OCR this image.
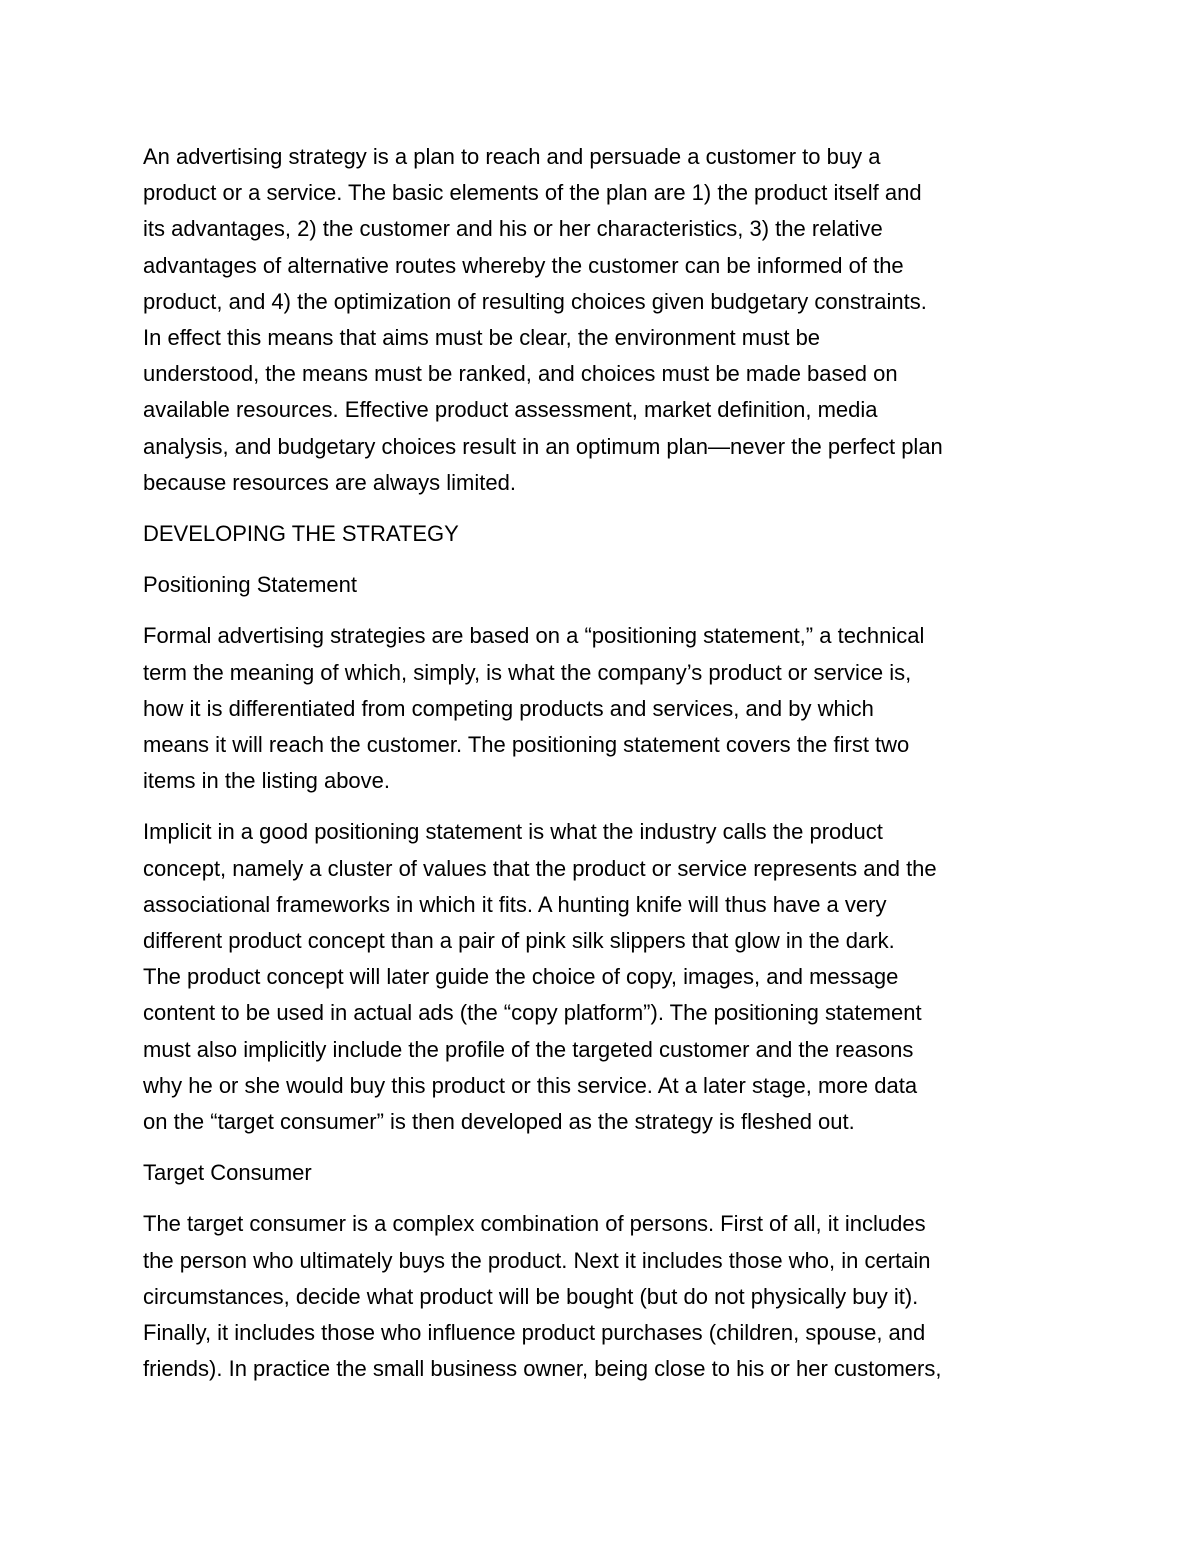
An advertising strategy is a plan to reach and persuade a customer to buy a
product or a service. The basic elements of the plan are 1) the product itself and
its advantages, 2) the customer and his or her characteristics, 3) the relative
advantages of alternative routes whereby the customer can be informed of the
product, and 4) the optimization of resulting choices given budgetary constraints.
In effect this means that aims must be clear, the environment must be
understood, the means must be ranked, and choices must be made based on
available resources. Effective product assessment, market definition, media
analysis, and budgetary choices result in an optimum plan—never the perfect plan
because resources are always limited.

DEVELOPING THE STRATEGY

Positioning Statement

Formal advertising strategies are based on a “positioning statement,” a technical
term the meaning of which, simply, is what the company’s product or service is,
how it is differentiated from competing products and services, and by which
means it will reach the customer. The positioning statement covers the first two
items in the listing above.

Implicit in a good positioning statement is what the industry calls the product
concept, namely a cluster of values that the product or service represents and the
associational frameworks in which it fits. A hunting knife will thus have a very
different product concept than a pair of pink silk slippers that glow in the dark.
The product concept will later guide the choice of copy, images, and message
content to be used in actual ads (the “copy platform”). The positioning statement
must also implicitly include the profile of the targeted customer and the reasons
why he or she would buy this product or this service. At a later stage, more data
on the “target consumer” is then developed as the strategy is fleshed out.

Target Consumer

The target consumer is a complex combination of persons. First of all, it includes
the person who ultimately buys the product. Next it includes those who, in certain
circumstances, decide what product will be bought (but do not physically buy it).
Finally, it includes those who influence product purchases (children, spouse, and
friends). In practice the small business owner, being close to his or her customers,
